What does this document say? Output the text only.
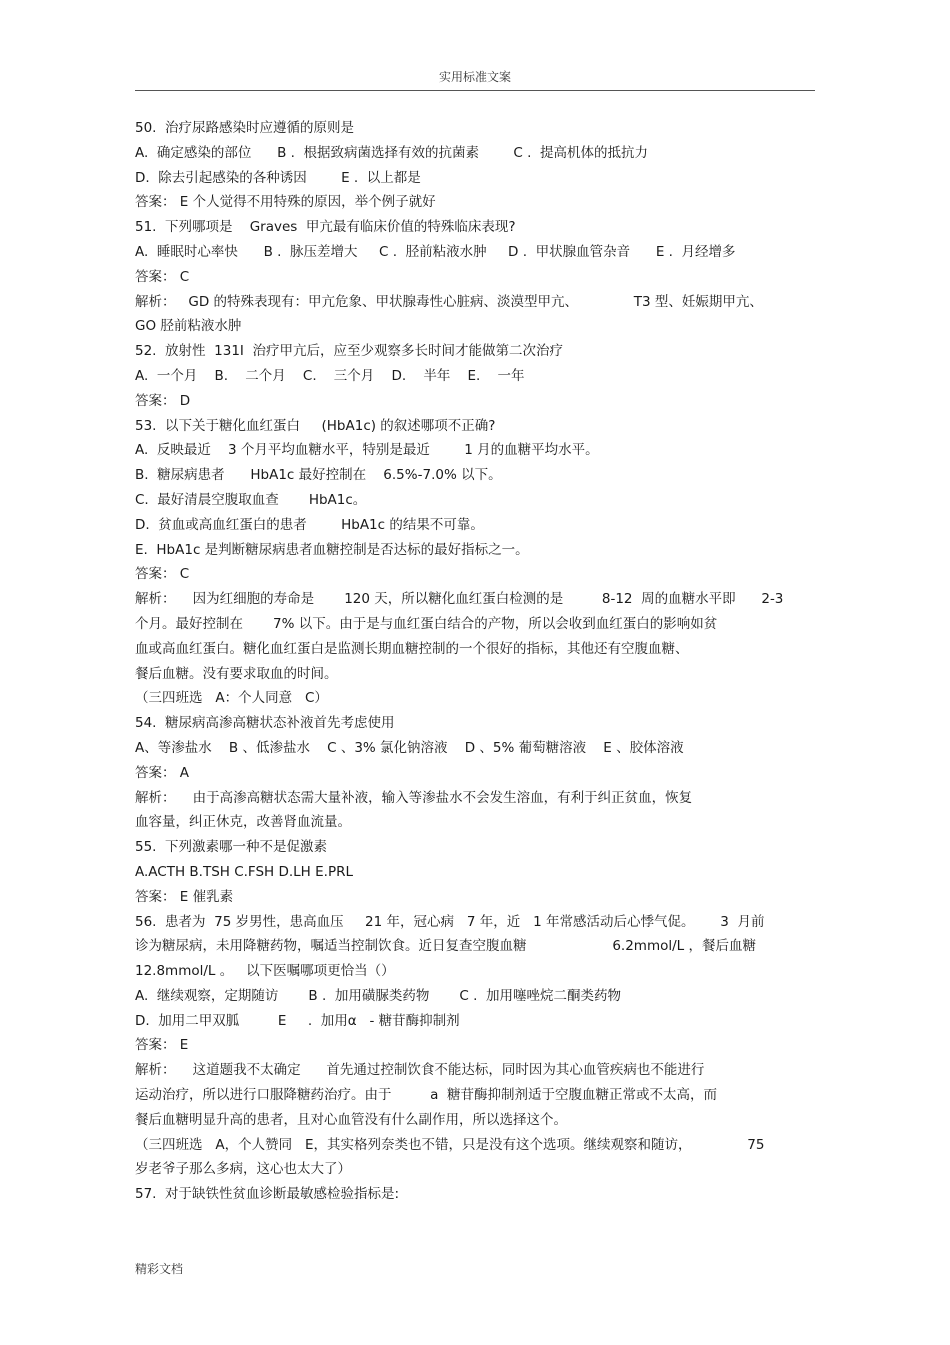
实用标准文案
50.  治疗尿路感染时应遵循的原则是
A.  确定感染的部位      B .  根据致病菌选择有效的抗菌素        C .  提高机体的抵抗力
D.  除去引起感染的各种诱因        E .  以上都是
答案： E 个人觉得不用特殊的原因，举个例子就好
51.  下列哪项是    Graves  甲亢最有临床价值的特殊临床表现?
A.  睡眠时心率快      B .  脉压差增大     C .  胫前粘液水肿     D .  甲状腺血管杂音      E .  月经增多
答案： C
解析：   GD 的特殊表现有：甲亢危象、甲状腺毒性心脏病、淡漠型甲亢、             T3 型、妊娠期甲亢、
GO 胫前粘液水肿
52.  放射性  131I  治疗甲亢后，应至少观察多长时间才能做第二次治疗
A.  一个月    B.    二个月    C.    三个月    D.    半年    E.    一年
答案： D
53.  以下关于糖化血红蛋白     (HbA1c) 的叙述哪项不正确?
A.  反映最近    3 个月平均血糖水平，特别是最近        1 月的血糖平均水平。
B.  糖尿病患者      HbA1c 最好控制在    6.5%-7.0% 以下。
C.  最好清晨空腹取血查       HbA1c。
D.  贫血或高血红蛋白的患者        HbA1c 的结果不可靠。
E.  HbA1c 是判断糖尿病患者血糖控制是否达标的最好指标之一。
答案： C
解析：    因为红细胞的寿命是       120 天，所以糖化血红蛋白检测的是         8-12  周的血糖水平即      2-3
个月。最好控制在       7% 以下。由于是与血红蛋白结合的产物，所以会收到血红蛋白的影响如贫
血或高血红蛋白。糖化血红蛋白是监测长期血糖控制的一个很好的指标，其他还有空腹血糖、
餐后血糖。没有要求取血的时间。
（三四班选   A：个人同意   C）
54.  糖尿病高渗高糖状态补液首先考虑使用
A、等渗盐水    B 、低渗盐水    C 、3% 氯化钠溶液    D 、5% 葡萄糖溶液    E 、胶体溶液
答案： A
解析：    由于高渗高糖状态需大量补液，输入等渗盐水不会发生溶血，有利于纠正贫血，恢复
血容量，纠正休克，改善肾血流量。
55.  下列激素哪一种不是促激素
A.ACTH B.TSH C.FSH D.LH E.PRL
答案： E 催乳素
56.  患者为  75 岁男性，患高血压     21 年，冠心病   7 年，近   1 年常感活动后心悸气促。      3  月前
诊为糖尿病，未用降糖药物，嘱适当控制饮食。近日复查空腹血糖                    6.2mmol/L ，餐后血糖
12.8mmol/L 。   以下医嘱哪项更恰当（）
A.  继续观察，定期随访       B .  加用磺脲类药物       C .  加用噻唑烷二酮类药物
D.  加用二甲双胍         E     .  加用α   - 糖苷酶抑制剂
答案： E
解析：    这道题我不太确定      首先通过控制饮食不能达标，同时因为其心血管疾病也不能进行
运动治疗，所以进行口服降糖药治疗。由于         a  糖苷酶抑制剂适于空腹血糖正常或不太高，而
餐后血糖明显升高的患者，且对心血管没有什么副作用，所以选择这个。
（三四班选   A，个人赞同   E，其实格列奈类也不错，只是没有这个选项。继续观察和随访，             75
岁老爷子那么多病，这心也太大了）
57.  对于缺铁性贫血诊断最敏感检验指标是:
精彩文档
